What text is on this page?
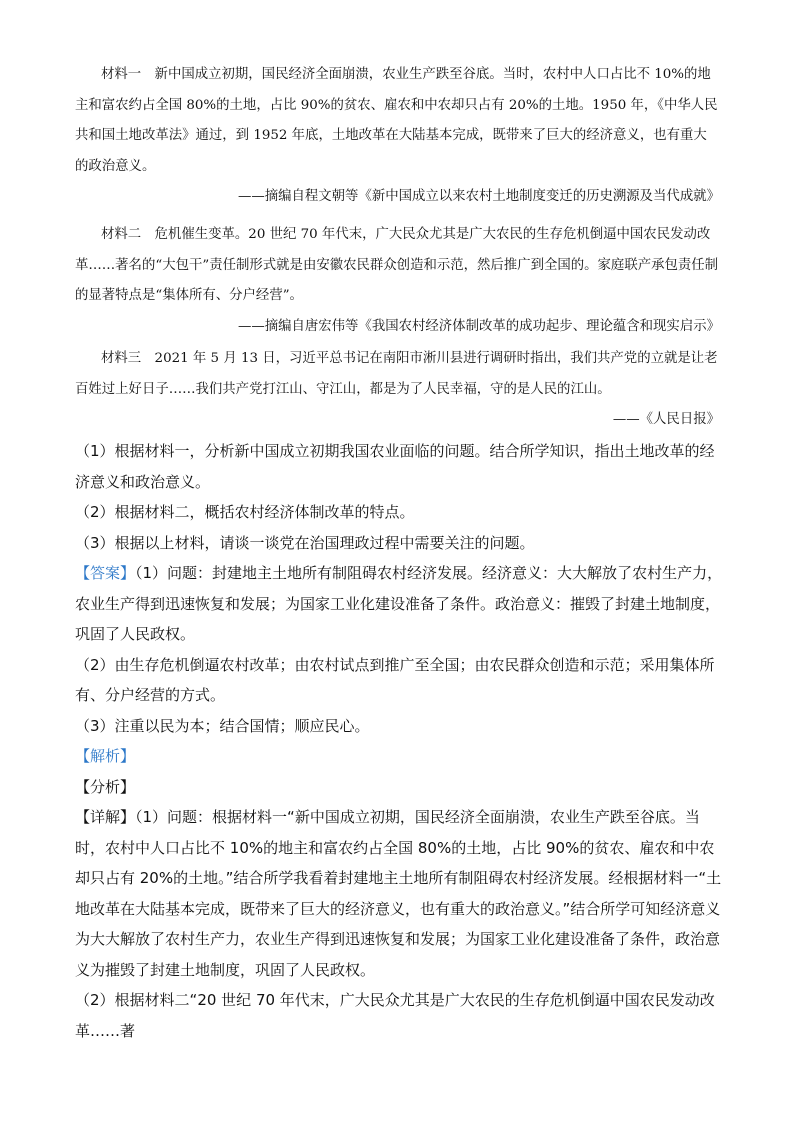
材料一　新中国成立初期，国民经济全面崩溃，农业生产跌至谷底。当时，农村中人口占比不 10%的地主和富农约占全国 80%的土地，占比 90%的贫农、雇农和中农却只占有 20%的土地。1950 年，《中华人民共和国土地改革法》通过，到 1952 年底，土地改革在大陆基本完成，既带来了巨大的经济意义，也有重大的政治意义。

——摘编自程文朝等《新中国成立以来农村土地制度变迁的历史溯源及当代成就》

材料二　危机催生变革。20 世纪 70 年代末，广大民众尤其是广大农民的生存危机倒逼中国农民发动改革……著名的“大包干”责任制形式就是由安徽农民群众创造和示范，然后推广到全国的。家庭联产承包责任制的显著特点是“集体所有、分户经营”。

——摘编自唐宏伟等《我国农村经济体制改革的成功起步、理论蕴含和现实启示》

材料三　2021 年 5 月 13 日，习近平总书记在南阳市淅川县进行调研时指出，我们共产党的立就是让老百姓过上好日子……我们共产党打江山、守江山，都是为了人民幸福，守的是人民的江山。

——《人民日报》

（1）根据材料一，分析新中国成立初期我国农业面临的问题。结合所学知识，指出土地改革的经济意义和政治意义。

（2）根据材料二，概括农村经济体制改革的特点。

（3）根据以上材料，请谈一谈党在治国理政过程中需要关注的问题。

【答案】（1）问题：封建地主土地所有制阻碍农村经济发展。经济意义：大大解放了农村生产力，农业生产得到迅速恢复和发展；为国家工业化建设准备了条件。政治意义：摧毁了封建土地制度，巩固了人民政权。

（2）由生存危机倒逼农村改革；由农村试点到推广至全国；由农民群众创造和示范；采用集体所有、分户经营的方式。

（3）注重以民为本；结合国情；顺应民心。

【解析】

【分析】

【详解】（1）问题：根据材料一“新中国成立初期，国民经济全面崩溃，农业生产跌至谷底。当时，农村中人口占比不 10%的地主和富农约占全国 80%的土地，占比 90%的贫农、雇农和中农却只占有 20%的土地。”结合所学我看着封建地主土地所有制阻碍农村经济发展。经根据材料一“土地改革在大陆基本完成，既带来了巨大的经济意义，也有重大的政治意义。”结合所学可知经济意义为大大解放了农村生产力，农业生产得到迅速恢复和发展；为国家工业化建设准备了条件，政治意义为摧毁了封建土地制度，巩固了人民政权。

（2）根据材料二“20 世纪 70 年代末，广大民众尤其是广大农民的生存危机倒逼中国农民发动改革……著
